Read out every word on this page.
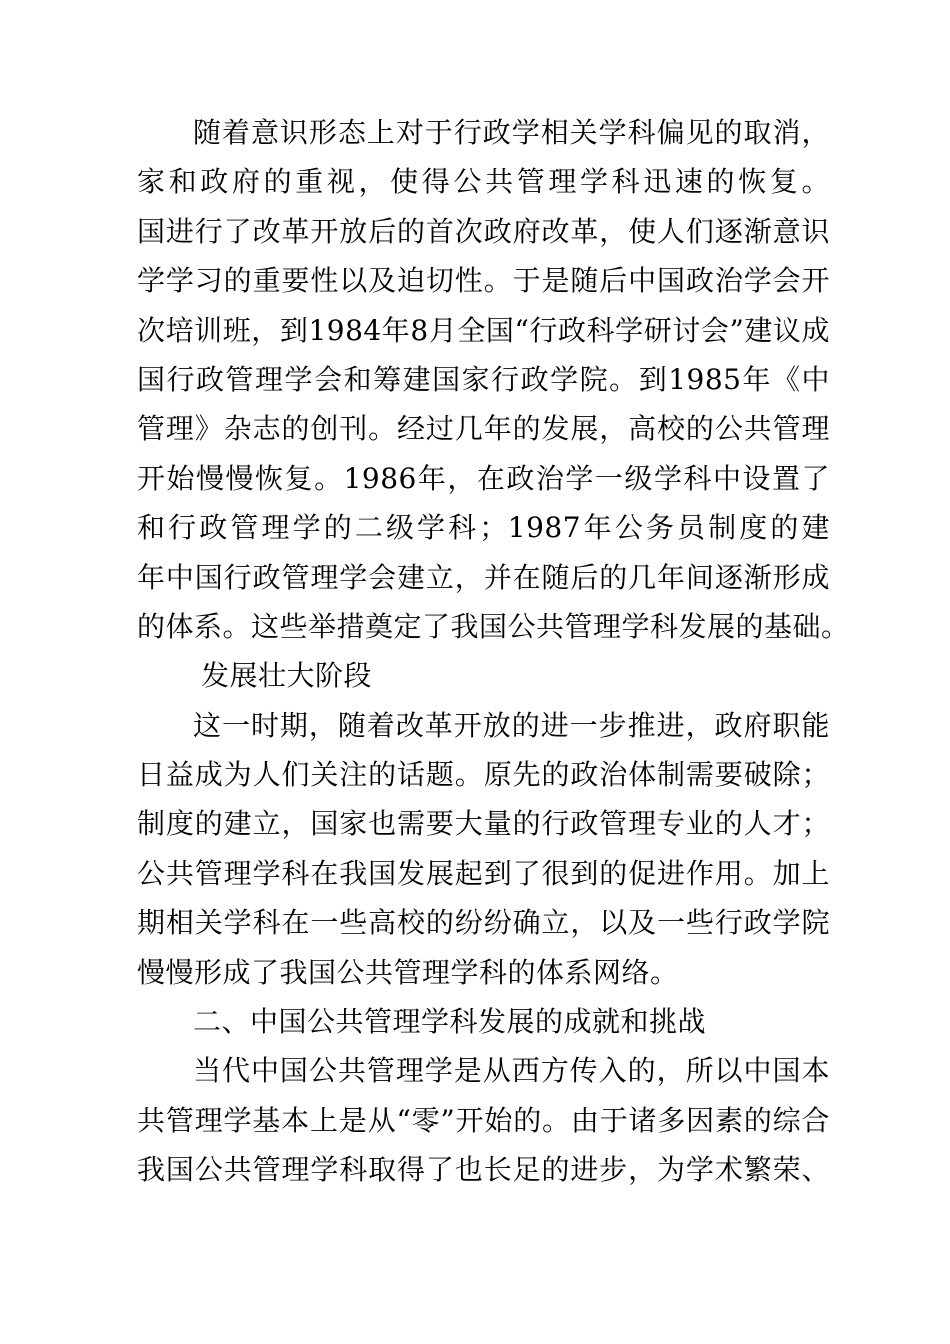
随着意识形态上对于行政学相关学科偏见的取消，
家和政府的重视，使得公共管理学科迅速的恢复。
国进行了改革开放后的首次政府改革，使人们逐渐意识
学学习的重要性以及迫切性。于是随后中国政治学会开
次培训班，到1984年8月全国“行政科学研讨会”建议成
国行政管理学会和筹建国家行政学院。到1985年《中
管理》杂志的创刊。经过几年的发展，高校的公共管理
开始慢慢恢复。1986年，在政治学一级学科中设置了
和行政管理学的二级学科；1987年公务员制度的建
年中国行政管理学会建立，并在随后的几年间逐渐形成
的体系。这些举措奠定了我国公共管理学科发展的基础。
发展壮大阶段
这一时期，随着改革开放的进一步推进，政府职能
日益成为人们关注的话题。原先的政治体制需要破除；
制度的建立，国家也需要大量的行政管理专业的人才；
公共管理学科在我国发展起到了很到的促进作用。加上
期相关学科在一些高校的纷纷确立，以及一些行政学院
慢慢形成了我国公共管理学科的体系网络。
二、中国公共管理学科发展的成就和挑战
当代中国公共管理学是从西方传入的，所以中国本
共管理学基本上是从“零”开始的。由于诸多因素的综合
我国公共管理学科取得了也长足的进步，为学术繁荣、
